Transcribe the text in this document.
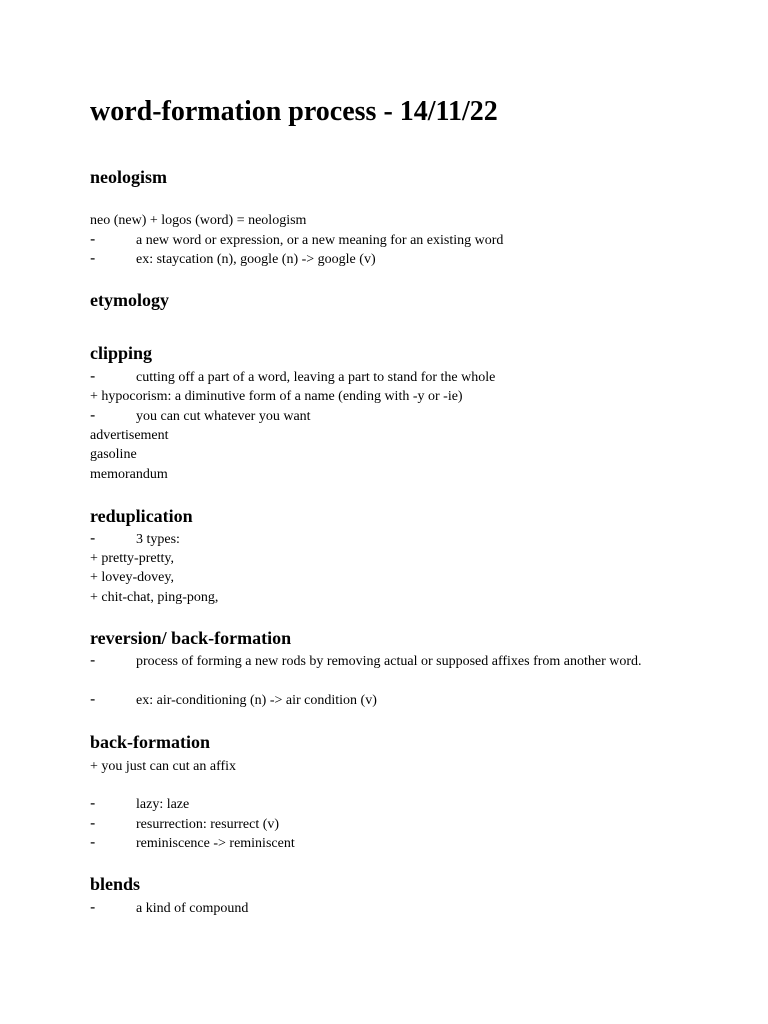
word-formation process - 14/11/22
neologism
neo (new) + logos (word) = neologism
-	a new word or expression, or a new meaning for an existing word
-	ex: staycation (n), google (n) -> google (v)
etymology
clipping
-	cutting off a part of a word, leaving a part to stand for the whole
+ hypocorism: a diminutive form of a name (ending with -y or -ie)
-	you can cut whatever you want
advertisement
gasoline
memorandum
reduplication
-	3 types:
+ pretty-pretty,
+ lovey-dovey,
+ chit-chat, ping-pong,
reversion/ back-formation
-	process of forming a new rods by removing actual or supposed affixes from another word.
-	ex: air-conditioning (n) -> air condition (v)
back-formation
+ you just can cut an affix
-	lazy: laze
-	resurrection: resurrect (v)
-	reminiscence -> reminiscent
blends
-	a kind of compound
